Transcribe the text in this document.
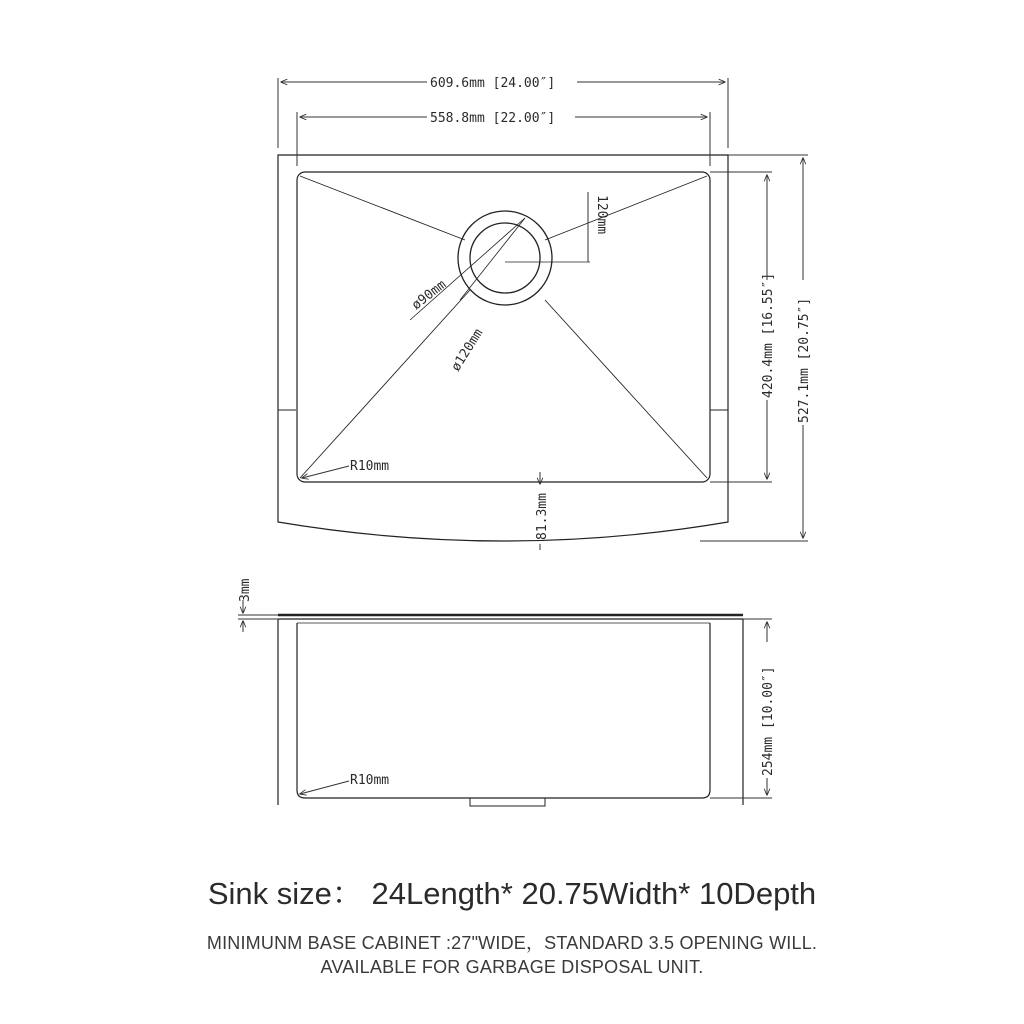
609.6mm [24.00″]
558.8mm [22.00″]
120mm
ø90mm
ø120mm
R10mm
81.3mm
420.4mm [16.55″] 527.1mm [20.75″]
3mm
R10mm
254mm [10.00″]
Sink size： 24Length* 20.75Width* 10Depth
MINIMUNM BASE CABINET :27"WIDE，STANDARD 3.5 OPENING WILL.
AVAILABLE FOR GARBAGE DISPOSAL UNIT.
